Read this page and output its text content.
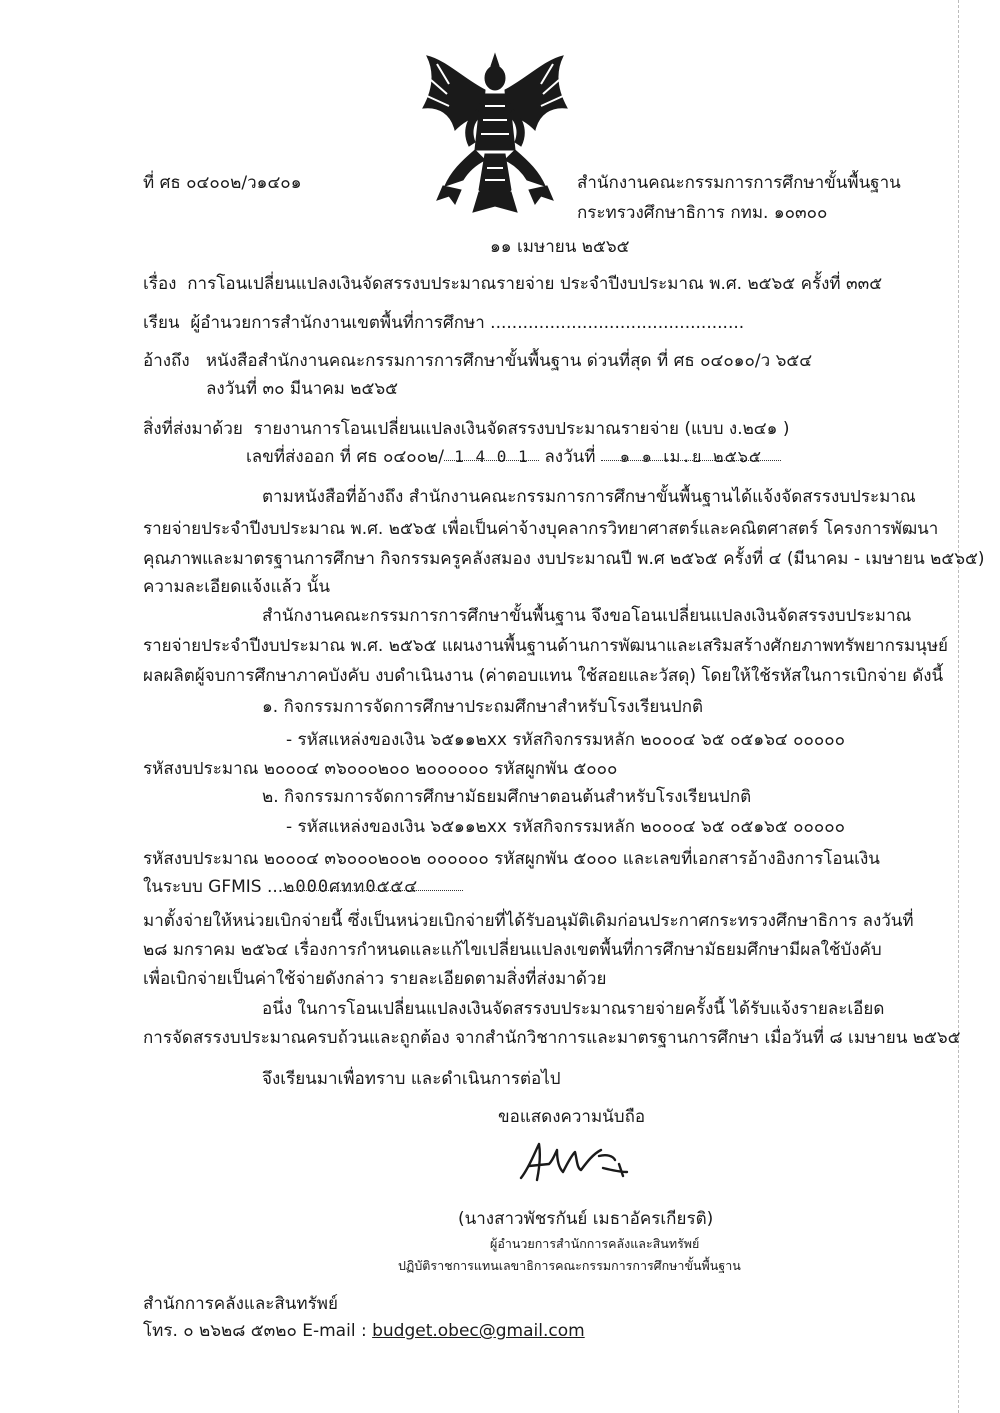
ที่ ศธ ๐๔๐๐๒/ว๑๔๐๑	สำนักงานคณะกรรมการการศึกษาขั้นพื้นฐาน
กระทรวงศึกษาธิการ กทม. ๑๐๓๐๐
๑๑ เมษายน ๒๕๖๕
เรื่อง การโอนเปลี่ยนแปลงเงินจัดสรรงบประมาณรายจ่าย ประจำปีงบประมาณ พ.ศ. ๒๕๖๕ ครั้งที่ ๓๓๕
เรียน ผู้อำนวยการสำนักงานเขตพื้นที่การศึกษา ...............................................
อ้างถึง หนังสือสำนักงานคณะกรรมการการศึกษาขั้นพื้นฐาน ด่วนที่สุด ที่ ศธ ๐๔๐๑๐/ว ๖๕๔
ลงวันที่ ๓๐ มีนาคม ๒๕๖๕
สิ่งที่ส่งมาด้วย รายงานการโอนเปลี่ยนแปลงเงินจัดสรรงบประมาณรายจ่าย (แบบ ง.๒๔๑ )
เลขที่ส่งออก ที่ ศธ ๐๔๐๐๒/ 1 4 0 1 ลงวันที่ ๑ ๑ เม.ย ๒๕๖๕
ตามหนังสือที่อ้างถึง สำนักงานคณะกรรมการการศึกษาขั้นพื้นฐานได้แจ้งจัดสรรงบประมาณ
รายจ่ายประจำปีงบประมาณ พ.ศ. ๒๕๖๕ เพื่อเป็นค่าจ้างบุคลากรวิทยาศาสตร์และคณิตศาสตร์ โครงการพัฒนา
คุณภาพและมาตรฐานการศึกษา กิจกรรมครูคลังสมอง งบประมาณปี พ.ศ ๒๕๖๕ ครั้งที่ ๔ (มีนาคม - เมษายน ๒๕๖๕)
ความละเอียดแจ้งแล้ว นั้น
สำนักงานคณะกรรมการการศึกษาขั้นพื้นฐาน จึงขอโอนเปลี่ยนแปลงเงินจัดสรรงบประมาณ
รายจ่ายประจำปีงบประมาณ พ.ศ. ๒๕๖๕ แผนงานพื้นฐานด้านการพัฒนาและเสริมสร้างศักยภาพทรัพยากรมนุษย์
ผลผลิตผู้จบการศึกษาภาคบังคับ งบดำเนินงาน (ค่าตอบแทน ใช้สอยและวัสดุ) โดยให้ใช้รหัสในการเบิกจ่าย ดังนี้
๑. กิจกรรมการจัดการศึกษาประถมศึกษาสำหรับโรงเรียนปกติ
- รหัสแหล่งของเงิน ๖๕๑๑๒xx รหัสกิจกรรมหลัก ๒๐๐๐๔ ๖๕ ๐๕๑๖๔ ๐๐๐๐๐
รหัสงบประมาณ ๒๐๐๐๔ ๓๖๐๐๐๒๐๐ ๒๐๐๐๐๐๐ รหัสผูกพัน ๕๐๐๐
๒. กิจกรรมการจัดการศึกษามัธยมศึกษาตอนต้นสำหรับโรงเรียนปกติ
- รหัสแหล่งของเงิน ๖๕๑๑๒xx รหัสกิจกรรมหลัก ๒๐๐๐๔ ๖๕ ๐๕๑๖๕ ๐๐๐๐๐
รหัสงบประมาณ ๒๐๐๐๔ ๓๖๐๐๐๒๐๐๒ ๐๐๐๐๐๐ รหัสผูกพัน ๕๐๐๐ และเลขที่เอกสารอ้างอิงการโอนเงิน
ในระบบ GFMIS ...๒000ศทท0๕๕๔
มาตั้งจ่ายให้หน่วยเบิกจ่ายนี้ ซึ่งเป็นหน่วยเบิกจ่ายที่ได้รับอนุมัติเดิมก่อนประกาศกระทรวงศึกษาธิการ ลงวันที่
๒๘ มกราคม ๒๕๖๔ เรื่องการกำหนดและแก้ไขเปลี่ยนแปลงเขตพื้นที่การศึกษามัธยมศึกษามีผลใช้บังคับ
เพื่อเบิกจ่ายเป็นค่าใช้จ่ายดังกล่าว รายละเอียดตามสิ่งที่ส่งมาด้วย
อนึ่ง ในการโอนเปลี่ยนแปลงเงินจัดสรรงบประมาณรายจ่ายครั้งนี้ ได้รับแจ้งรายละเอียด
การจัดสรรงบประมาณครบถ้วนและถูกต้อง จากสำนักวิชาการและมาตรฐานการศึกษา เมื่อวันที่ ๘ เมษายน ๒๕๖๕
จึงเรียนมาเพื่อทราบ และดำเนินการต่อไป
ขอแสดงความนับถือ
(นางสาวพัชรกันย์ เมธาอัครเกียรติ)
ผู้อำนวยการสำนักการคลังและสินทรัพย์
ปฏิบัติราชการแทนเลขาธิการคณะกรรมการการศึกษาขั้นพื้นฐาน
สำนักการคลังและสินทรัพย์
โทร. ๐ ๒๖๒๘ ๕๓๒๐ E-mail : budget.obec@gmail.com
